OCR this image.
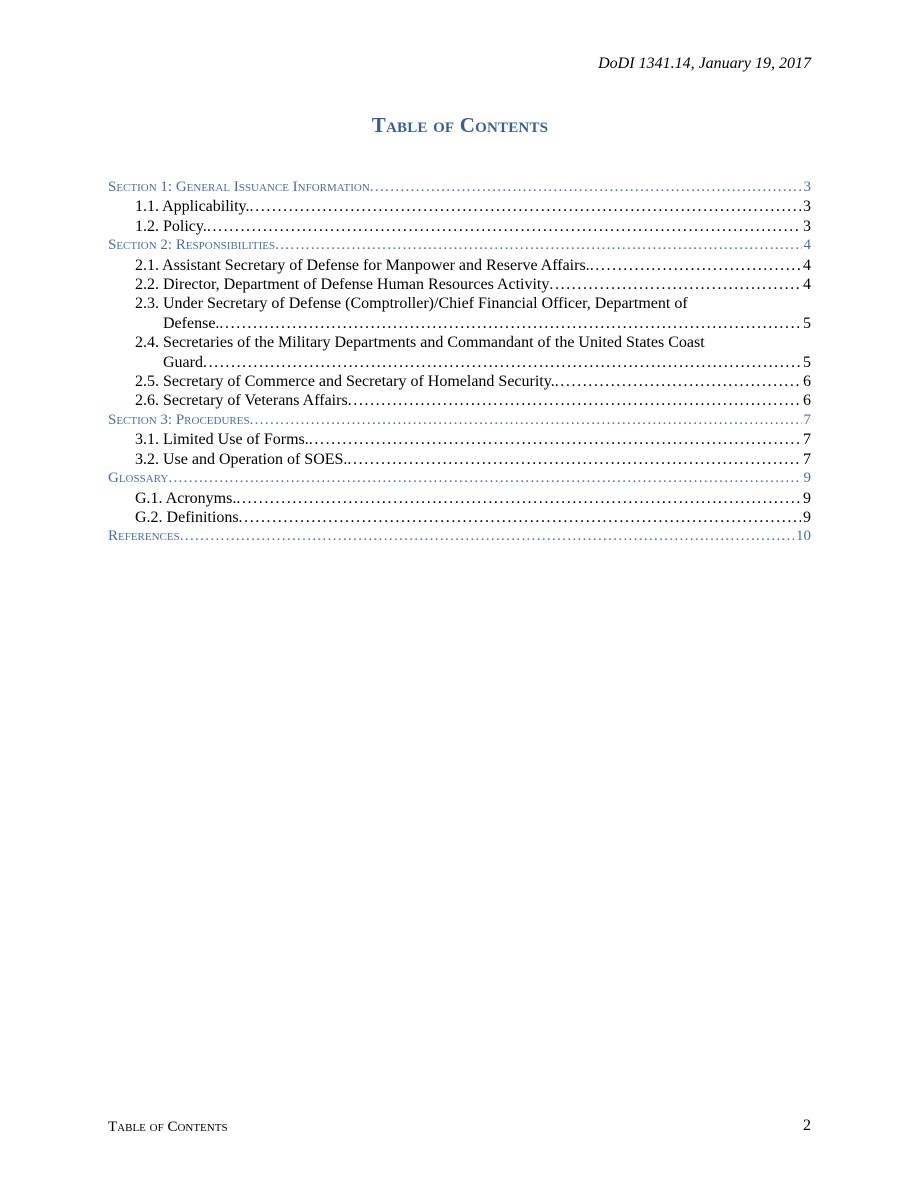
DoDI 1341.14, January 19, 2017
Table of Contents
Section 1: General Issuance Information . . .	3
1.1. Applicability. . . .	3
1.2. Policy. . . .	3
Section 2: Responsibilities . . .	4
2.1. Assistant Secretary of Defense for Manpower and Reserve Affairs. . . .	4
2.2. Director, Department of Defense Human Resources Activity . . .	4
2.3. Under Secretary of Defense (Comptroller)/Chief Financial Officer, Department of
Defense. . . .	5
2.4. Secretaries of the Military Departments and Commandant of the United States Coast
Guard . . .	5
2.5. Secretary of Commerce and Secretary of Homeland Security. . . .	6
2.6. Secretary of Veterans Affairs . . .	6
Section 3: Procedures . . .	7
3.1. Limited Use of Forms. . . .	7
3.2. Use and Operation of SOES. . . .	7
Glossary . . .	9
G.1. Acronyms. . . .	9
G.2. Definitions . . .	9
References . . .	10
Table of Contents	2
